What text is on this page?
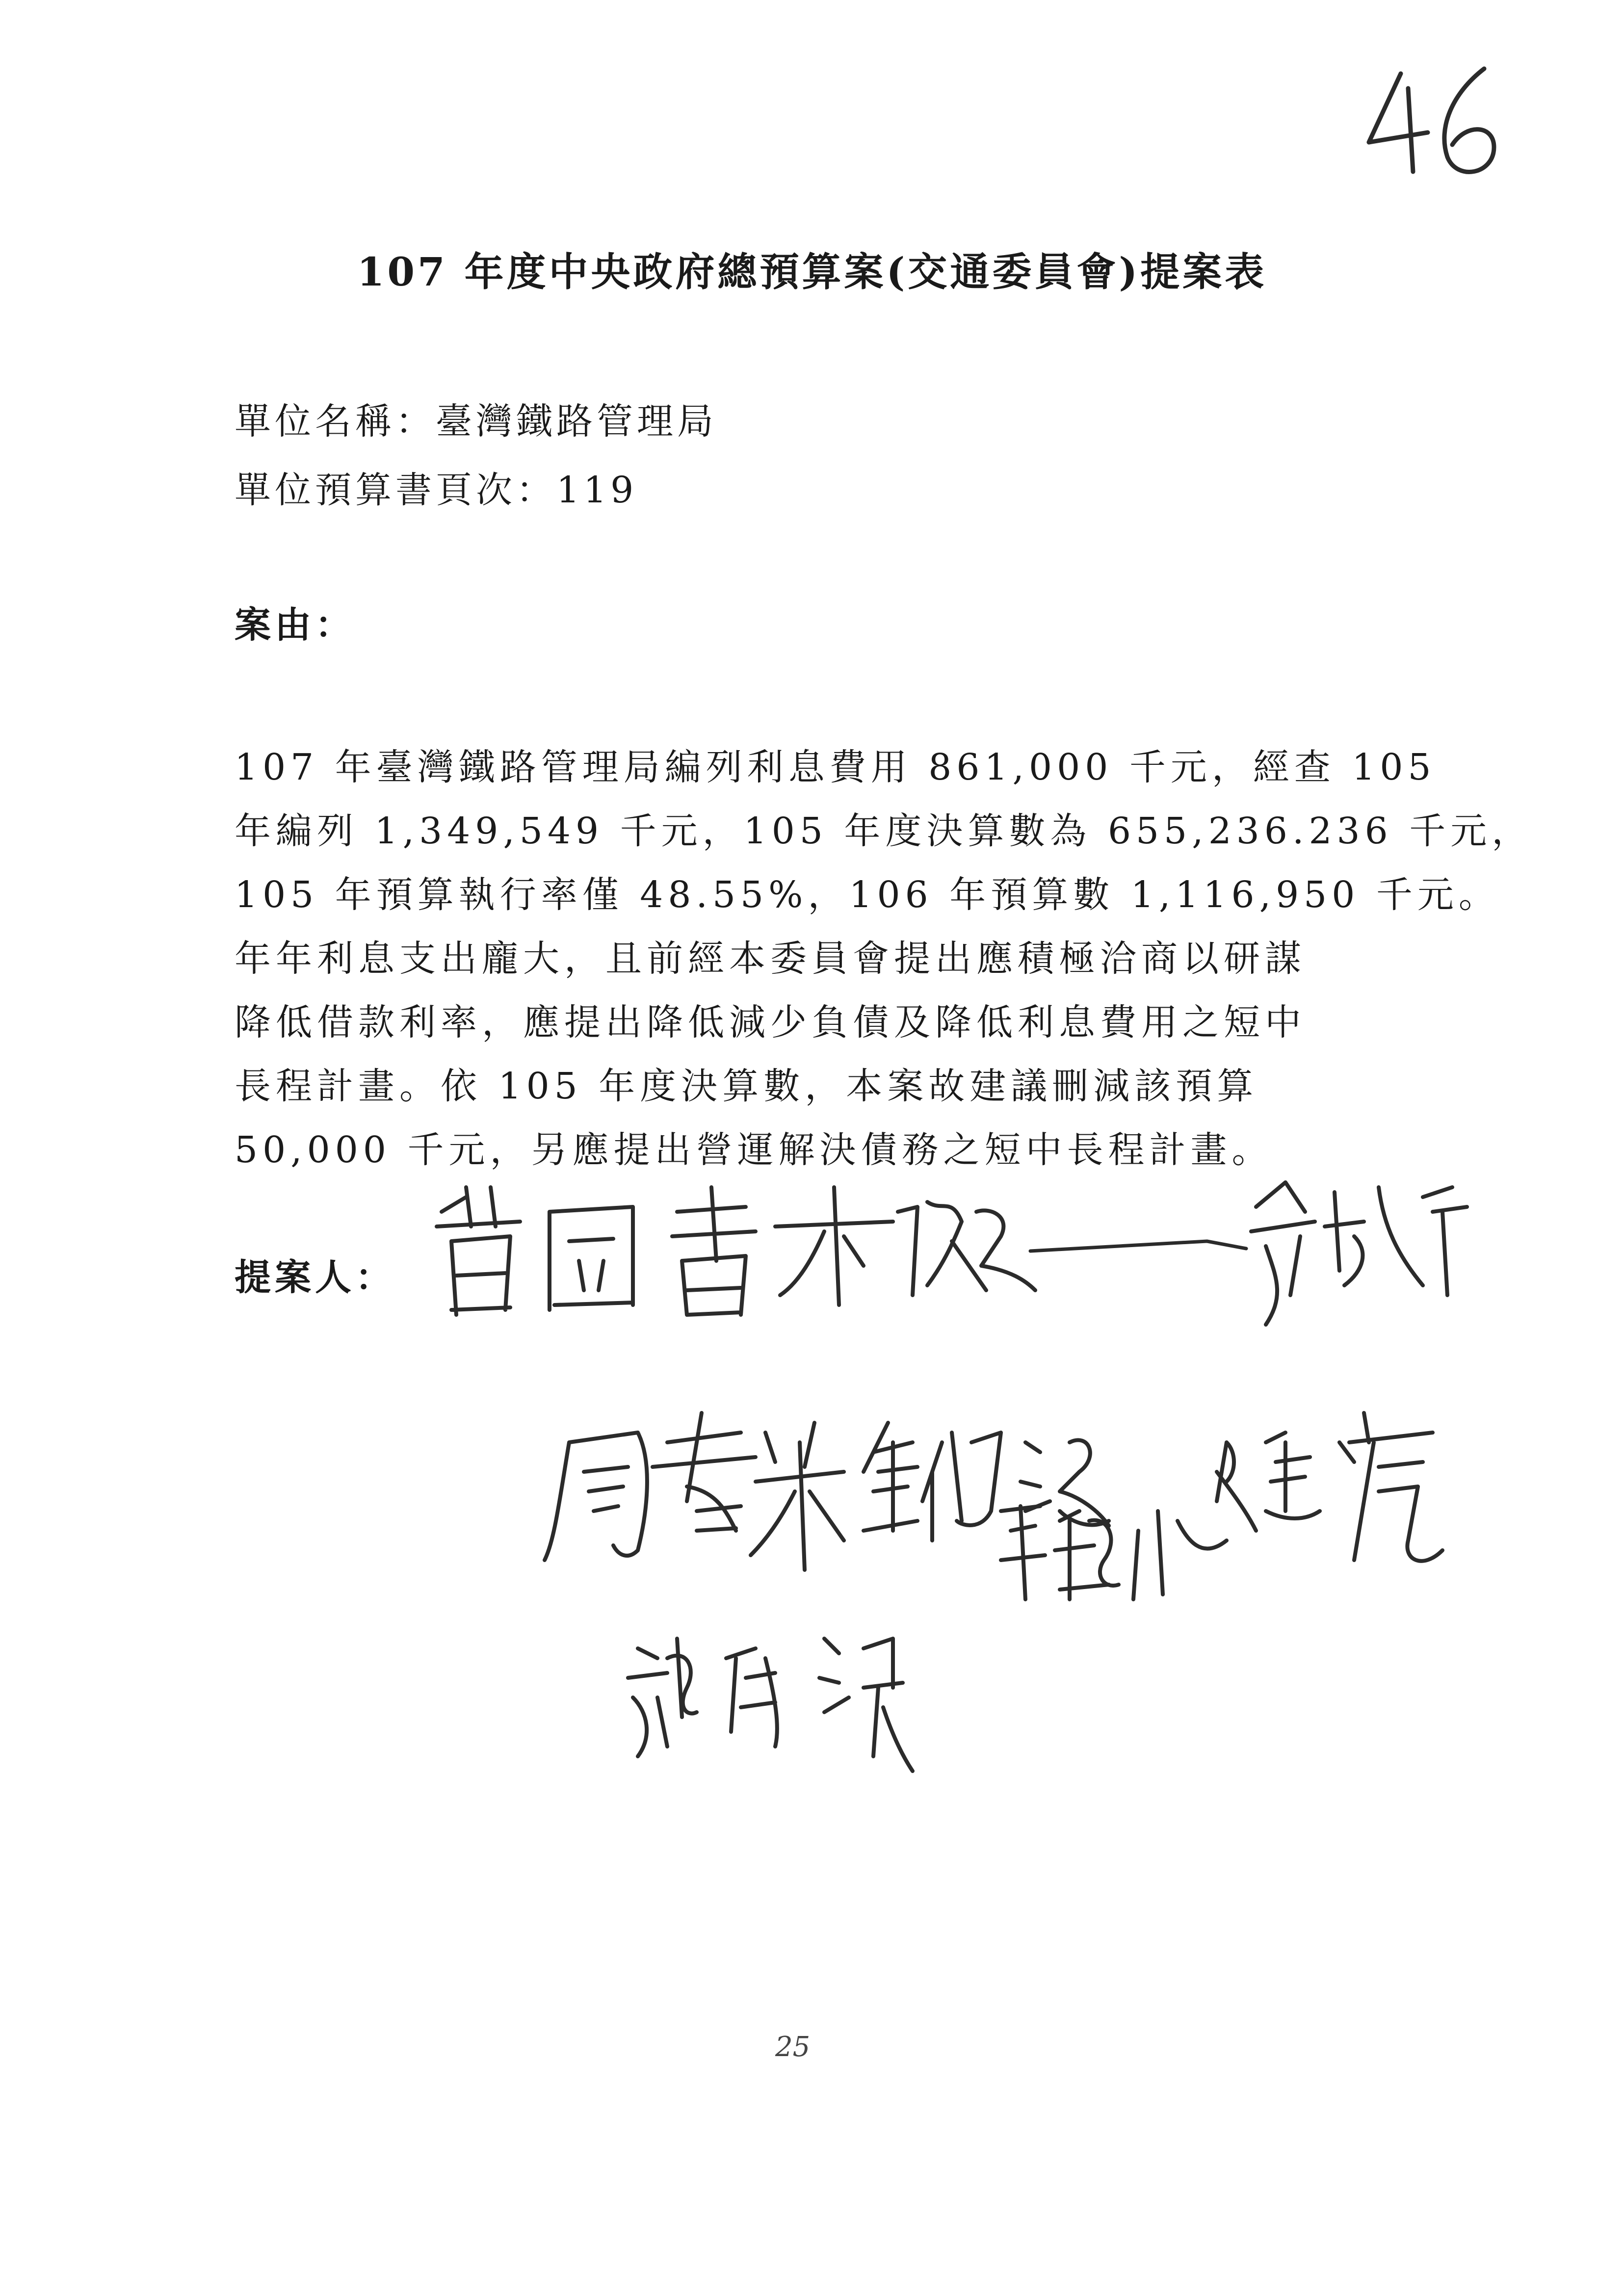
107 年度中央政府總預算案(交通委員會)提案表
單位名稱：臺灣鐵路管理局
單位預算書頁次：119
案由：
107 年臺灣鐵路管理局編列利息費用 861,000 千元，經查 105
年編列 1,349,549 千元，105 年度決算數為 655,236.236 千元，
105 年預算執行率僅 48.55%，106 年預算數 1,116,950 千元。
年年利息支出龐大，且前經本委員會提出應積極洽商以研謀
降低借款利率，應提出降低減少負債及降低利息費用之短中
長程計畫。依 105 年度決算數，本案故建議刪減該預算
50,000 千元，另應提出營運解決債務之短中長程計畫。
提案人：
25
